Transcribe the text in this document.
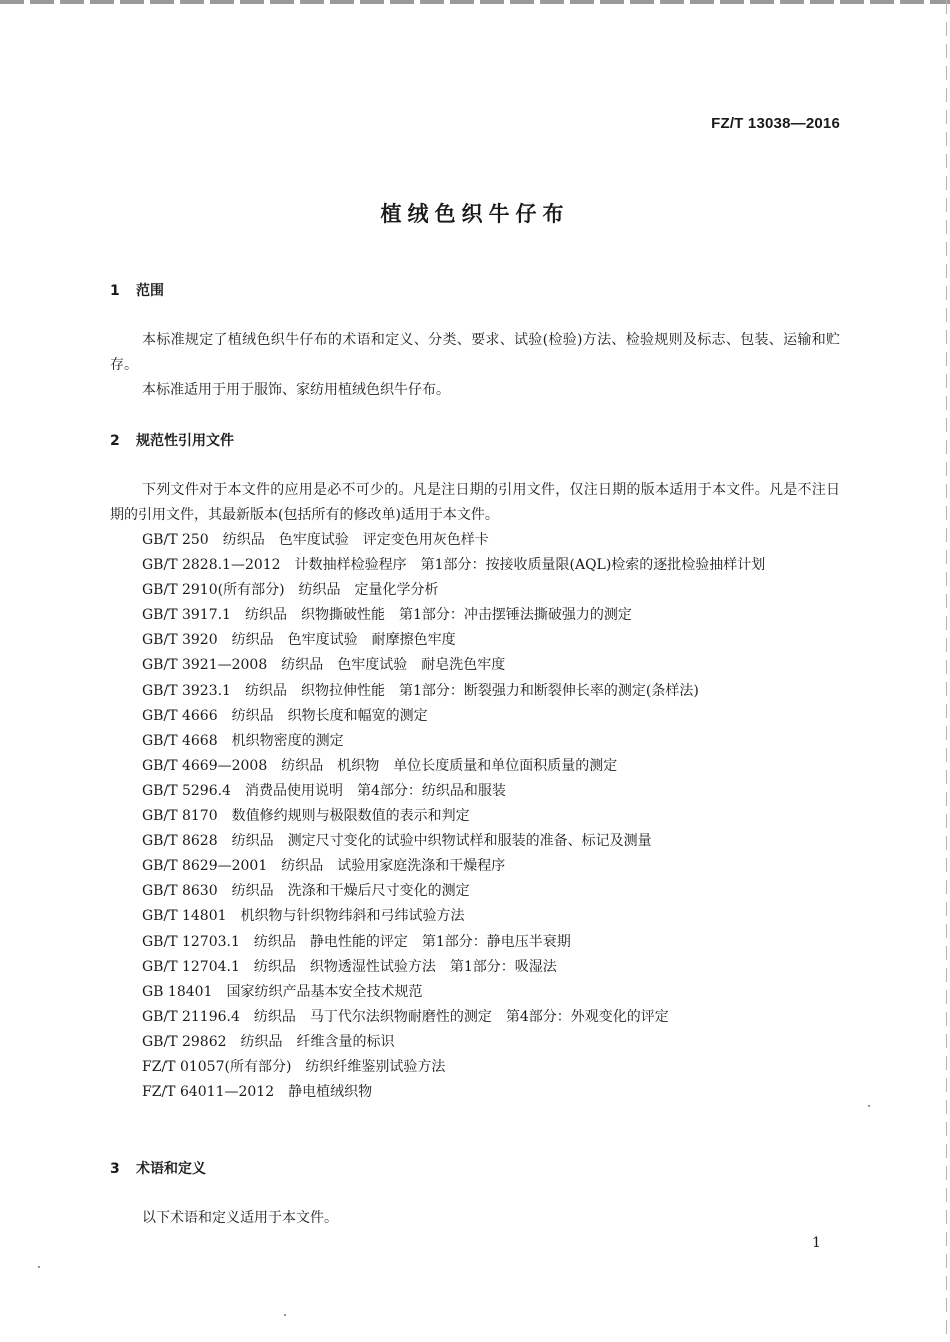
FZ/T 13038—2016
植绒色织牛仔布
1 范围

本标准规定了植绒色织牛仔布的术语和定义、分类、要求、试验(检验)方法、检验规则及标志、包装、运输和贮存。

本标准适用于用于服饰、家纺用植绒色织牛仔布。

2 规范性引用文件

下列文件对于本文件的应用是必不可少的。凡是注日期的引用文件，仅注日期的版本适用于本文件。凡是不注日期的引用文件，其最新版本(包括所有的修改单)适用于本文件。

GB/T 250　纺织品　色牢度试验　评定变色用灰色样卡
GB/T 2828.1—2012　计数抽样检验程序　第1部分：按接收质量限(AQL)检索的逐批检验抽样计划
GB/T 2910(所有部分)　纺织品　定量化学分析
GB/T 3917.1　纺织品　织物撕破性能　第1部分：冲击摆锤法撕破强力的测定
GB/T 3920　纺织品　色牢度试验　耐摩擦色牢度
GB/T 3921—2008　纺织品　色牢度试验　耐皂洗色牢度
GB/T 3923.1　纺织品　织物拉伸性能　第1部分：断裂强力和断裂伸长率的测定(条样法)
GB/T 4666　纺织品　织物长度和幅宽的测定
GB/T 4668　机织物密度的测定
GB/T 4669—2008　纺织品　机织物　单位长度质量和单位面积质量的测定
GB/T 5296.4　消费品使用说明　第4部分：纺织品和服装
GB/T 8170　数值修约规则与极限数值的表示和判定
GB/T 8628　纺织品　测定尺寸变化的试验中织物试样和服装的准备、标记及测量
GB/T 8629—2001　纺织品　试验用家庭洗涤和干燥程序
GB/T 8630　纺织品　洗涤和干燥后尺寸变化的测定
GB/T 14801　机织物与针织物纬斜和弓纬试验方法
GB/T 12703.1　纺织品　静电性能的评定　第1部分：静电压半衰期
GB/T 12704.1　纺织品　织物透湿性试验方法　第1部分：吸湿法
GB 18401　国家纺织产品基本安全技术规范
GB/T 21196.4　纺织品　马丁代尔法织物耐磨性的测定　第4部分：外观变化的评定
GB/T 29862　纺织品　纤维含量的标识
FZ/T 01057(所有部分)　纺织纤维鉴别试验方法
FZ/T 64011—2012　静电植绒织物
3 术语和定义

以下术语和定义适用于本文件。

1
